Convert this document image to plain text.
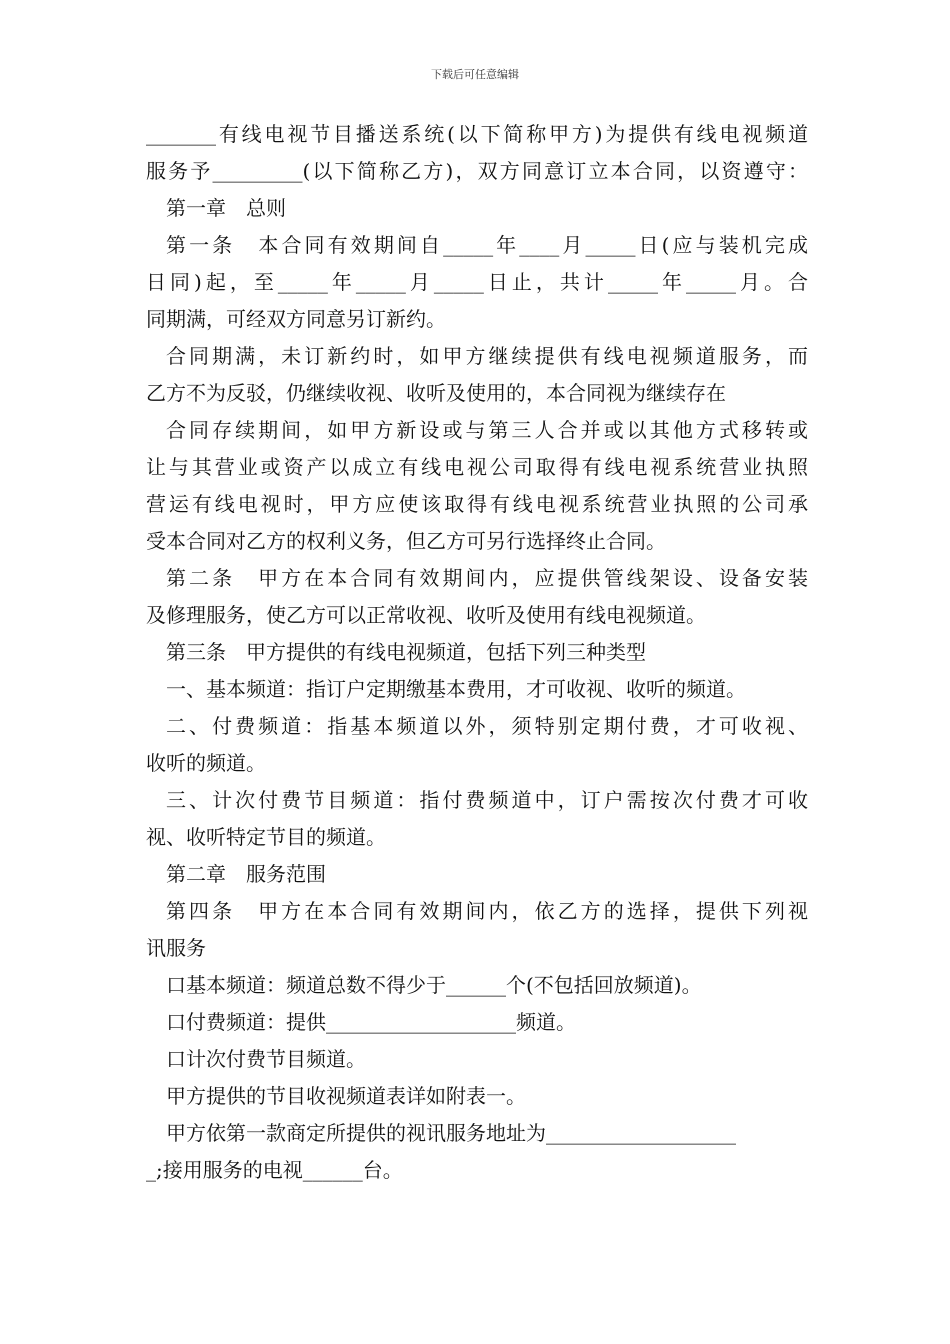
下载后可任意编辑
_______有线电视节目播送系统(以下简称甲方)为提供有线电视频道
服务予_________(以下简称乙方)，双方同意订立本合同，以资遵守：
第一章　总则
第一条　本合同有效期间自_____年____月_____日(应与装机完成
日同)起，至_____年_____月_____日止，共计_____年_____月。合
同期满，可经双方同意另订新约。
合同期满，未订新约时，如甲方继续提供有线电视频道服务，而
乙方不为反驳，仍继续收视、收听及使用的，本合同视为继续存在
合同存续期间，如甲方新设或与第三人合并或以其他方式移转或
让与其营业或资产以成立有线电视公司取得有线电视系统营业执照
营运有线电视时，甲方应使该取得有线电视系统营业执照的公司承
受本合同对乙方的权利义务，但乙方可另行选择终止合同。
第二条　甲方在本合同有效期间内，应提供管线架设、设备安装
及修理服务，使乙方可以正常收视、收听及使用有线电视频道。
第三条　甲方提供的有线电视频道，包括下列三种类型
一、基本频道：指订户定期缴基本费用，才可收视、收听的频道。
二、付费频道：指基本频道以外，须特别定期付费，才可收视、
收听的频道。
三、计次付费节目频道：指付费频道中，订户需按次付费才可收
视、收听特定节目的频道。
第二章　服务范围
第四条　甲方在本合同有效期间内，依乙方的选择，提供下列视
讯服务
口基本频道：频道总数不得少于______个(不包括回放频道)。
口付费频道：提供___________________频道。
口计次付费节目频道。
甲方提供的节目收视频道表详如附表一。
甲方依第一款商定所提供的视讯服务地址为___________________
_;接用服务的电视______台。
